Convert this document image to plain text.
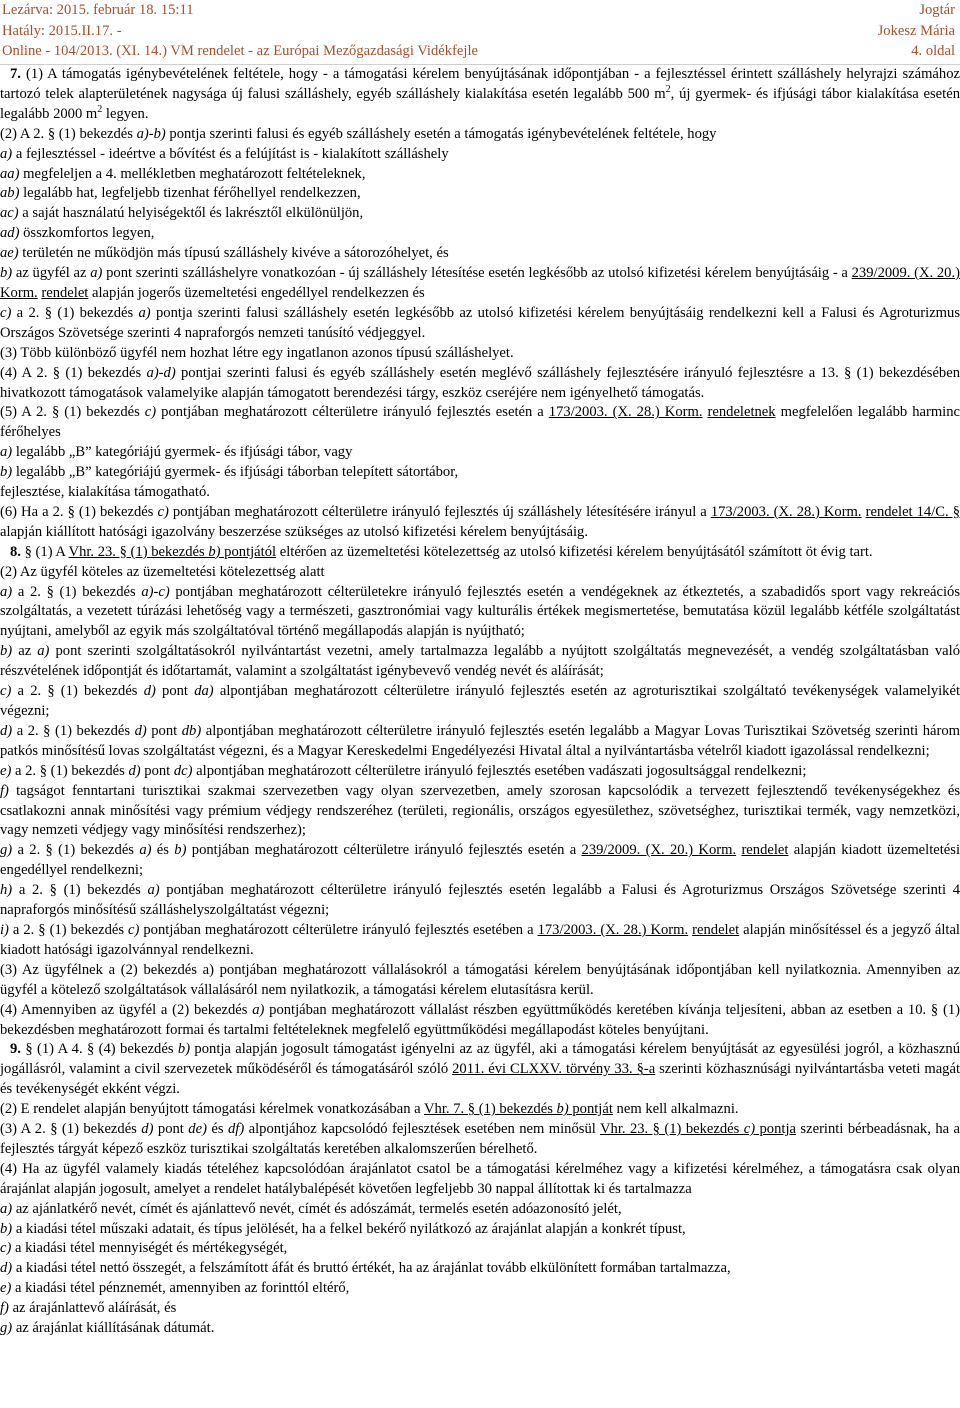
Lezárva: 2015. február 18. 15:11
Hatály: 2015.II.17. -
Online - 104/2013. (XI. 14.) VM rendelet - az Európai Mezőgazdasági Vidékfejle
Jogtár
Jokesz Mária
4. oldal

7. (1) A támogatás igénybevételének feltétele, hogy - a támogatási kérelem benyújtásának időpontjában - a fejlesztéssel érintett szálláshely helyrajzi számához tartozó telek alapterületének nagysága új falusi szálláshely, egyéb szálláshely kialakítása esetén legalább 500 $m^2$, új gyermek- és ifjúsági tábor kialakítása esetén legalább 2000 $m^2$ legyen.

(2) A 2. § (1) bekezdés a)-b) pontja szerinti falusi és egyéb szálláshely esetén a támogatás igénybevételének feltétele, hogy

a) a fejlesztéssel - ideértve a bővítést és a felújítást is - kialakított szálláshely

aa) megfeleljen a 4. mellékletben meghatározott feltételeknek,

ab) legalább hat, legfeljebb tizenhat férőhellyel rendelkezzen,

ac) a saját használatú helyiségektől és lakrésztől elkülönüljön,

ad) összkomfortos legyen,

ae) területén ne működjön más típusú szálláshely kivéve a sátorozóhelyet, és

b) az ügyfél az a) pont szerinti szálláshelyre vonatkozóan - új szálláshely létesítése esetén legkésőbb az utolsó kifizetési kérelem benyújtásáig - a 239/2009. (X. 20.) Korm. rendelet alapján jogerős üzemeltetési engedéllyel rendelkezzen és

c) a 2. § (1) bekezdés a) pontja szerinti falusi szálláshely esetén legkésőbb az utolsó kifizetési kérelem benyújtásáig rendelkezni kell a Falusi és Agroturizmus Országos Szövetsége szerinti 4 napraforgós nemzeti tanúsító védjeggyel.

(3) Több különböző ügyfél nem hozhat létre egy ingatlanon azonos típusú szálláshelyet.

(4) A 2. § (1) bekezdés a)-d) pontjai szerinti falusi és egyéb szálláshely esetén meglévő szálláshely fejlesztésére irányuló fejlesztésre a 13. § (1) bekezdésében hivatkozott támogatások valamelyike alapján támogatott berendezési tárgy, eszköz cseréjére nem igényelhető támogatás.

(5) A 2. § (1) bekezdés c) pontjában meghatározott célterületre irányuló fejlesztés esetén a 173/2003. (X. 28.) Korm. rendeletnek megfelelően legalább harminc férőhelyes

a) legalább „B” kategóriájú gyermek- és ifjúsági tábor, vagy

b) legalább „B” kategóriájú gyermek- és ifjúsági táborban telepített sátortábor,

fejlesztése, kialakítása támogatható.

(6) Ha a 2. § (1) bekezdés c) pontjában meghatározott célterületre irányuló fejlesztés új szálláshely létesítésére irányul a 173/2003. (X. 28.) Korm. rendelet 14/C. § alapján kiállított hatósági igazolvány beszerzése szükséges az utolsó kifizetési kérelem benyújtásáig.

8. § (1) A Vhr. 23. § (1) bekezdés b) pontjától eltérően az üzemeltetési kötelezettség az utolsó kifizetési kérelem benyújtásától számított öt évig tart.

(2) Az ügyfél köteles az üzemeltetési kötelezettség alatt

a) a 2. § (1) bekezdés a)-c) pontjában meghatározott célterületekre irányuló fejlesztés esetén a vendégeknek az étkeztetés, a szabadidős sport vagy rekreációs szolgáltatás, a vezetett túrázási lehetőség vagy a természeti, gasztronómiai vagy kulturális értékek megismertetése, bemutatása közül legalább kétféle szolgáltatást nyújtani, amelyből az egyik más szolgáltatóval történő megállapodás alapján is nyújtható;

b) az a) pont szerinti szolgáltatásokról nyilvántartást vezetni, amely tartalmazza legalább a nyújtott szolgáltatás megnevezését, a vendég szolgáltatásban való részvételének időpontját és időtartamát, valamint a szolgáltatást igénybevevő vendég nevét és aláírását;

c) a 2. § (1) bekezdés d) pont da) alpontjában meghatározott célterületre irányuló fejlesztés esetén az agroturisztikai szolgáltató tevékenységek valamelyikét végezni;

d) a 2. § (1) bekezdés d) pont db) alpontjában meghatározott célterületre irányuló fejlesztés esetén legalább a Magyar Lovas Turisztikai Szövetség szerinti három patkós minősítésű lovas szolgáltatást végezni, és a Magyar Kereskedelmi Engedélyezési Hivatal által a nyilvántartásba vételről kiadott igazolással rendelkezni;

e) a 2. § (1) bekezdés d) pont dc) alpontjában meghatározott célterületre irányuló fejlesztés esetében vadászati jogosultsággal rendelkezni;

f) tagságot fenntartani turisztikai szakmai szervezetben vagy olyan szervezetben, amely szorosan kapcsolódik a tervezett fejlesztendő tevékenységekhez és csatlakozni annak minősítési vagy prémium védjegy rendszeréhez (területi, regionális, országos egyesülethez, szövetséghez, turisztikai termék, vagy nemzetközi, vagy nemzeti védjegy vagy minősítési rendszerhez);

g) a 2. § (1) bekezdés a) és b) pontjában meghatározott célterületre irányuló fejlesztés esetén a 239/2009. (X. 20.) Korm. rendelet alapján kiadott üzemeltetési engedéllyel rendelkezni;

h) a 2. § (1) bekezdés a) pontjában meghatározott célterületre irányuló fejlesztés esetén legalább a Falusi és Agroturizmus Országos Szövetsége szerinti 4 napraforgós minősítésű szálláshelyszolgáltatást végezni;

i) a 2. § (1) bekezdés c) pontjában meghatározott célterületre irányuló fejlesztés esetében a 173/2003. (X. 28.) Korm. rendelet alapján minősítéssel és a jegyző által kiadott hatósági igazolvánnyal rendelkezni.

(3) Az ügyfélnek a (2) bekezdés a) pontjában meghatározott vállalásokról a támogatási kérelem benyújtásának időpontjában kell nyilatkoznia. Amennyiben az ügyfél a kötelező szolgáltatások vállalásáról nem nyilatkozik, a támogatási kérelem elutasításra kerül.

(4) Amennyiben az ügyfél a (2) bekezdés a) pontjában meghatározott vállalást részben együttműködés keretében kívánja teljesíteni, abban az esetben a 10. § (1) bekezdésben meghatározott formai és tartalmi feltételeknek megfelelő együttműködési megállapodást köteles benyújtani.

9. § (1) A 4. § (4) bekezdés b) pontja alapján jogosult támogatást igényelni az az ügyfél, aki a támogatási kérelem benyújtását az egyesülési jogról, a közhasznú jogállásról, valamint a civil szervezetek működéséről és támogatásáról szóló 2011. évi CLXXV. törvény 33. §-a szerinti közhasznúsági nyilvántartásba veteti magát és tevékenységét ekként végzi.

(2) E rendelet alapján benyújtott támogatási kérelmek vonatkozásában a Vhr. 7. § (1) bekezdés b) pontját nem kell alkalmazni.

(3) A 2. § (1) bekezdés d) pont de) és df) alpontjához kapcsolódó fejlesztések esetében nem minősül Vhr. 23. § (1) bekezdés c) pontja szerinti bérbeadásnak, ha a fejlesztés tárgyát képező eszköz turisztikai szolgáltatás keretében alkalomszerűen bérelhető.

(4) Ha az ügyfél valamely kiadás tételéhez kapcsolódóan árajánlatot csatol be a támogatási kérelméhez vagy a kifizetési kérelméhez, a támogatásra csak olyan árajánlat alapján jogosult, amelyet a rendelet hatálybalépését követően legfeljebb 30 nappal állítottak ki és tartalmazza

a) az ajánlatkérő nevét, címét és ajánlattevő nevét, címét és adószámát, termelés esetén adóazonosító jelét,

b) a kiadási tétel műszaki adatait, és típus jelölését, ha a felkel bekérő nyilátkozó az árajánlat alapján a konkrét típust,

c) a kiadási tétel mennyiségét és mértékegységét,

d) a kiadási tétel nettó összegét, a felszámított áfát és bruttó értékét, ha az árajánlat tovább elkülönített formában tartalmazza,

e) a kiadási tétel pénznemét, amennyiben az forinttól eltérő,

f) az árajánlattevő aláírását, és

g) az árajánlat kiállításának dátumát.
